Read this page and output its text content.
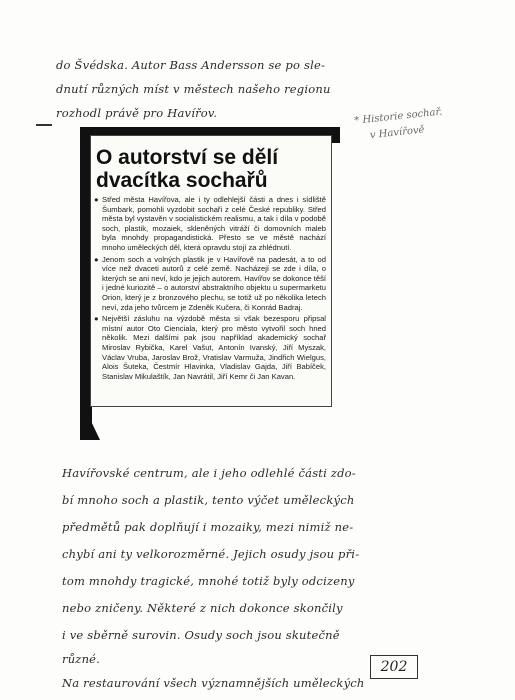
do Švédska. Autor Bass Andersson se po sle-
dnutí různých míst v městech našeho regionu
rozhodl právě pro Havířov.
* Historie sochař.
v Havířově
O autorství se dělí dvacítka sochařů

● Střed města Havířova, ale i ty odlehlejší části a dnes i sídliště Šumbark, pomohli vyzdobit sochaři z celé České republiky. Střed města byl vystavěn v socialistickém realismu, a tak i díla v podobě soch, plastik, mozaiek, skleněných vitráží či domovních maleb byla mnohdy propagandistická. Přesto se ve městě nachází mnoho uměleckých děl, která opravdu stojí za zhlédnutí.

● Jenom soch a volných plastik je v Havířově na padesát, a to od více než dvaceti autorů z celé země. Nacházejí se zde i díla, o kterých se ani neví, kdo je jejich autorem. Havířov se dokonce těší i jedné kuriozitě – o autorství abstraktního objektu u supermarketu Orion, který je z bronzového plechu, se totiž už po několika letech neví, zda jeho tvůrcem je Zdeněk Kučera, či Konrád Badraj.

● Největší zásluhu na výzdobě města si však bezesporu připsal místní autor Oto Cienciala, který pro město vytvořil soch hned několik. Mezi dalšími pak jsou například akademický sochař Miroslav Rybička, Karel Vašut, Antonín Ivanský, Jiří Myszak, Václav Vruba, Jaroslav Brož, Vratislav Varmuža, Jindřich Wielgus, Alois Šuteka, Čestmír Hlavinka, Vladislav Gajda, Jiří Babíček, Stanislav Mikulaštík, Jan Navrátil, Jiří Kemr či Jan Kavan.

Havířovské centrum, ale i jeho odlehlé části zdo-
bí mnoho soch a plastik, tento výčet uměleckých
předmětů pak doplňují i mozaiky, mezi nimiž ne-
chybí ani ty velkorozměrné. Jejich osudy jsou při-
tom mnohdy tragické, mnohé totiž byly odcizeny
nebo zničeny. Některé z nich dokonce skončily
i ve sběrně surovin. Osudy soch jsou skutečně
různé.
Na restaurování všech významnějších uměleckých
202
